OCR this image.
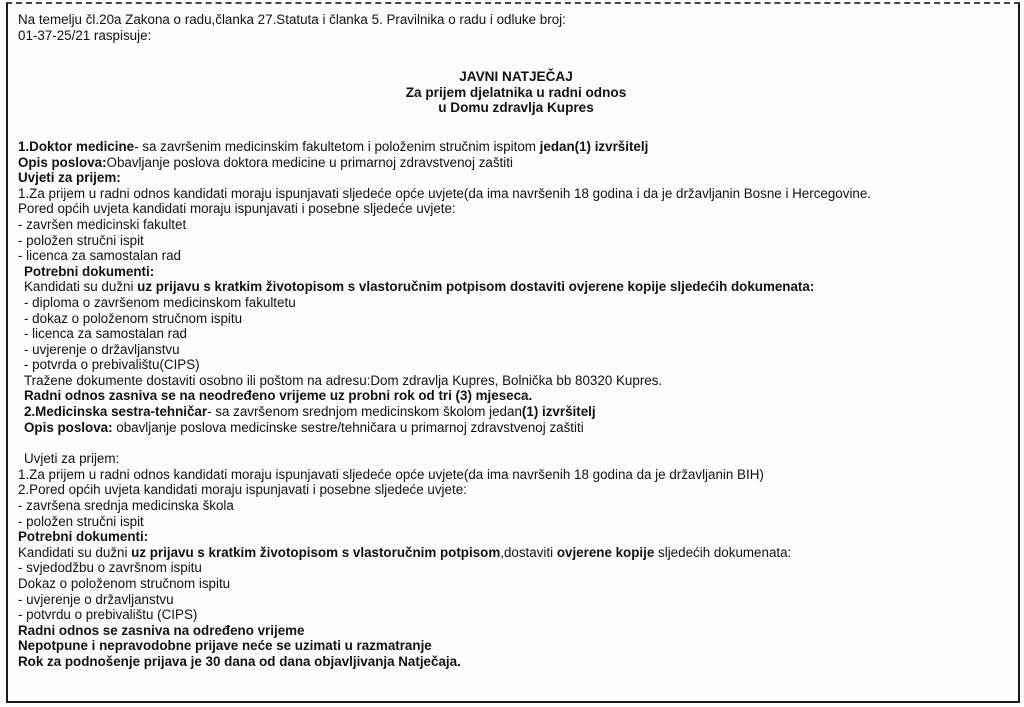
Na temelju čl.20a Zakona o radu,članka 27.Statuta i članka 5. Pravilnika o radu i odluke broj:
01-37-25/21 raspisuje:
JAVNI NATJEČAJ
Za prijem djelatnika u radni odnos
u Domu zdravlja Kupres
1.Doktor medicine- sa završenim medicinskim fakultetom i položenim stručnim ispitom jedan(1) izvršitelj
Opis poslova:Obavljanje poslova doktora medicine u primarnoj zdravstvenoj zaštiti
Uvjeti za prijem:
1.Za prijem u radni odnos kandidati moraju ispunjavati sljedeće opće uvjete(da ima navršenih 18 godina i da je državljanin Bosne i Hercegovine.
Pored općih uvjeta kandidati moraju ispunjavati i posebne sljedeće uvjete:
- završen medicinski fakultet
- položen stručni ispit
- licenca za samostalan rad
Potrebni dokumenti:
Kandidati su dužni uz prijavu s kratkim životopisom s vlastoručnim potpisom dostaviti ovjerene kopije sljedećih dokumenata:
- diploma o završenom medicinskom fakultetu
- dokaz o položenom stručnom ispitu
- licenca za samostalan rad
- uvjerenje o državljanstvu
- potvrda o prebivalištu(CIPS)
Tražene dokumente dostaviti osobno ili poštom na adresu:Dom zdravlja Kupres, Bolnička bb 80320 Kupres.
Radni odnos zasniva se na neodređeno vrijeme uz probni rok od tri (3) mjeseca.
2.Medicinska sestra-tehničar- sa završenom srednjom medicinskom školom jedan(1) izvršitelj
Opis poslova: obavljanje poslova medicinske sestre/tehničara u primarnoj zdravstvenoj zaštiti
Uvjeti za prijem:
1.Za prijem u radni odnos kandidati moraju ispunjavati sljedeće opće uvjete(da ima navršenih 18 godina da je državljanin BIH)
2.Pored općih uvjeta kandidati moraju ispunjavati i posebne sljedeće uvjete:
- završena srednja medicinska škola
- položen stručni ispit
Potrebni dokumenti:
Kandidati su dužni uz prijavu s kratkim životopisom s vlastoručnim potpisom,dostaviti ovjerene kopije sljedećih dokumenata:
- svjedodžbu o završnom ispitu
Dokaz o položenom stručnom ispitu
- uvjerenje o državljanstvu
- potvrdu o prebivalištu (CIPS)
Radni odnos se zasniva na određeno vrijeme
Nepotpune i nepravodobne prijave neće se uzimati u razmatranje
Rok za podnošenje prijava je 30 dana od dana objavljivanja Natječaja.
